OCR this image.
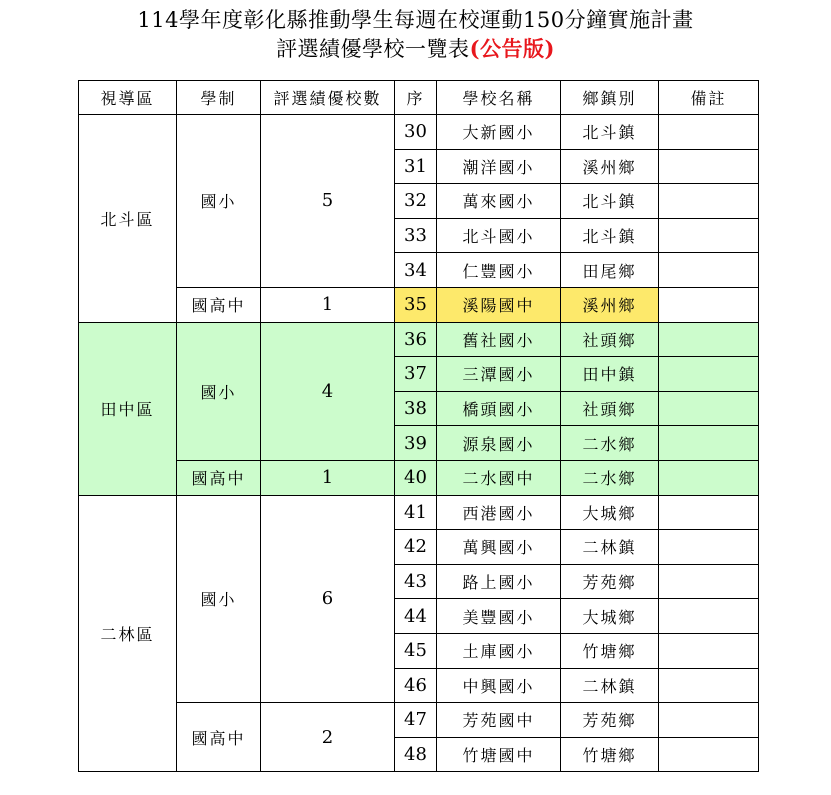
114學年度彰化縣推動學生每週在校運動150分鐘實施計畫
評選績優學校一覽表(公告版)
視導區	學制	評選績優校數	序	學校名稱	鄉鎮別	備註
北斗區	國小	5	30	大新國小	北斗鎮	
			31	潮洋國小	溪州鄉	
			32	萬來國小	北斗鎮	
			33	北斗國小	北斗鎮	
			34	仁豐國小	田尾鄉	
	國高中	1	35	溪陽國中	溪州鄉	
田中區	國小	4	36	舊社國小	社頭鄉	
			37	三潭國小	田中鎮	
			38	橋頭國小	社頭鄉	
			39	源泉國小	二水鄉	
	國高中	1	40	二水國中	二水鄉	
二林區	國小	6	41	西港國小	大城鄉	
			42	萬興國小	二林鎮	
			43	路上國小	芳苑鄉	
			44	美豐國小	大城鄉	
			45	土庫國小	竹塘鄉	
			46	中興國小	二林鎮	
	國高中	2	47	芳苑國中	芳苑鄉	
			48	竹塘國中	竹塘鄉	
